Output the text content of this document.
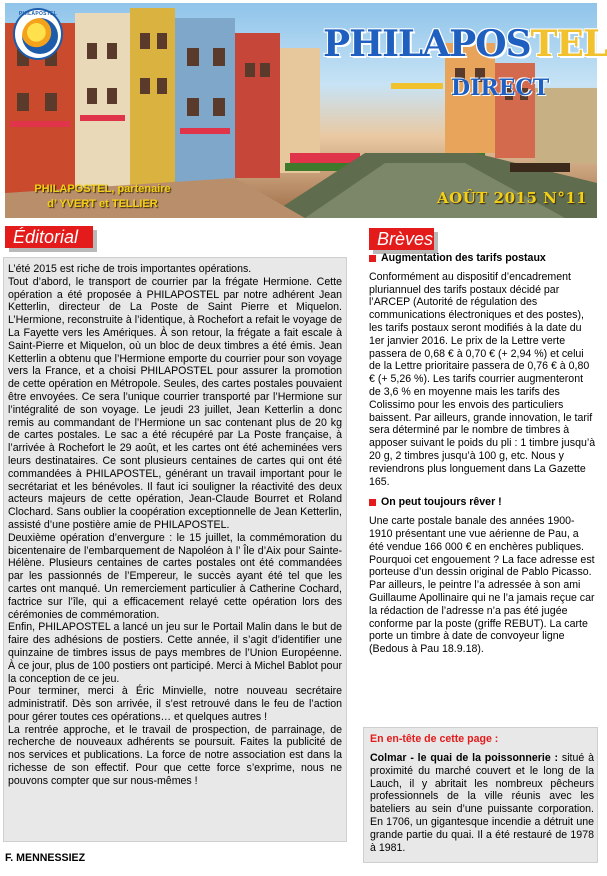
PHILAPOSTEL
PHILAPOSTEL
DIRECT
PHILAPOSTEL, partenaire
d’ YVERT et TELLIER	AOÛT 2015 N°11
Éditorial	Brèves

L’été 2015 est riche de trois importantes opérations.

Tout d’abord, le transport de courrier par la frégate Hermione. Cette opération a été proposée à PHILAPOSTEL par notre adhérent Jean Ketterlin, directeur de La Poste de Saint Pierre et Miquelon. L’Hermione, reconstruite à l’identique, à Rochefort a refait le voyage de La Fayette vers les Amériques. À son retour, la frégate a fait escale à Saint-Pierre et Miquelon, où un bloc de deux timbres a été émis. Jean Ketterlin a obtenu que l’Hermione emporte du courrier pour son voyage vers la France, et a choisi PHILAPOSTEL pour assurer la promotion de cette opération en Métropole. Seules, des cartes postales pouvaient être envoyées. Ce sera l’unique courrier transporté par l’Hermione sur l’intégralité de son voyage. Le jeudi 23 juillet, Jean Ketterlin a donc remis au commandant de l’Hermione un sac contenant plus de 20 kg de cartes postales. Le sac a été récupéré par La Poste française, à l’arrivée à Rochefort le 29 août, et les cartes ont été acheminées vers leurs destinataires. Ce sont plusieurs centaines de cartes qui ont été commandées à PHILAPOSTEL, générant un travail important pour le secrétariat et les bénévoles. Il faut ici souligner la réactivité des deux acteurs majeurs de cette opération, Jean-Claude Bourret et Roland Clochard. Sans oublier la coopération exceptionnelle de Jean Ketterlin, assisté d’une postière amie de PHILAPOSTEL.

Deuxième opération d’envergure : le 15 juillet, la commémoration du bicentenaire de l’embarquement de Napoléon à l’ Île d’Aix pour Sainte-Hélène. Plusieurs centaines de cartes postales ont été commandées par les passionnés de l’Empereur, le succès ayant été tel que les cartes ont manqué. Un remerciement particulier à Catherine Cochard, factrice sur l’île, qui a efficacement relayé cette opération lors des cérémonies de commémoration.

Enfin, PHILAPOSTEL a lancé un jeu sur le Portail Malin dans le but de faire des adhésions de postiers. Cette année, il s’agit d’identifier une quinzaine de timbres issus de pays membres de l’Union Européenne. À ce jour, plus de 100 postiers ont participé. Merci à Michel Bablot pour la conception de ce jeu.

Pour terminer, merci à Éric Minvielle, notre nouveau secrétaire administratif. Dès son arrivée, il s’est retrouvé dans le feu de l’action pour gérer toutes ces opérations… et quelques autres !

La rentrée approche, et le travail de prospection, de parrainage, de recherche de nouveaux adhérents se poursuit. Faites la publicité de nos services et publications. La force de notre association est dans la richesse de son effectif. Pour que cette force s’exprime, nous ne pouvons compter que sur nous-mêmes !

F. MENNESSIEZ
Augmentation des tarifs postaux
Conformément au dispositif d’encadrement pluriannuel des tarifs postaux décidé par l’ARCEP (Autorité de régulation des communications électroniques et des postes), les tarifs postaux seront modifiés à la date du 1er janvier 2016. Le prix de la Lettre verte passera de 0,68 € à 0,70 € (+ 2,94 %) et celui de la Lettre prioritaire passera de 0,76 € à 0,80 € (+ 5,26 %). Les tarifs courrier augmenteront de 3,6 % en moyenne mais les tarifs des Colissimo pour les envois des particuliers baissent. Par ailleurs, grande innovation, le tarif sera déterminé par le nombre de timbres à apposer suivant le poids du pli : 1 timbre jusqu’à 20 g, 2 timbres jusqu’à 100 g, etc. Nous y reviendrons plus longuement dans La Gazette 165.
On peut toujours rêver !
Une carte postale banale des années 1900-1910 présentant une vue aérienne de Pau, a été vendue 166 000 € en enchères publiques. Pourquoi cet engouement ? La face adresse est porteuse d’un dessin original de Pablo Picasso. Par ailleurs, le peintre l’a adressée à son ami Guillaume Apollinaire qui ne l’a jamais reçue car la rédaction de l’adresse n’a pas été jugée conforme par la poste (griffe REBUT). La carte porte un timbre à date de convoyeur ligne (Bedous à Pau 18.9.18).
En en-tête de cette page :
Colmar - le quai de la poissonnerie : situé à proximité du marché couvert et le long de la Lauch, il y abritait les nombreux pêcheurs professionnels de la ville réunis avec les bateliers au sein d’une puissante corporation. En 1706, un gigantesque incendie a détruit une grande partie du quai. Il a été restauré de 1978 à 1981.
